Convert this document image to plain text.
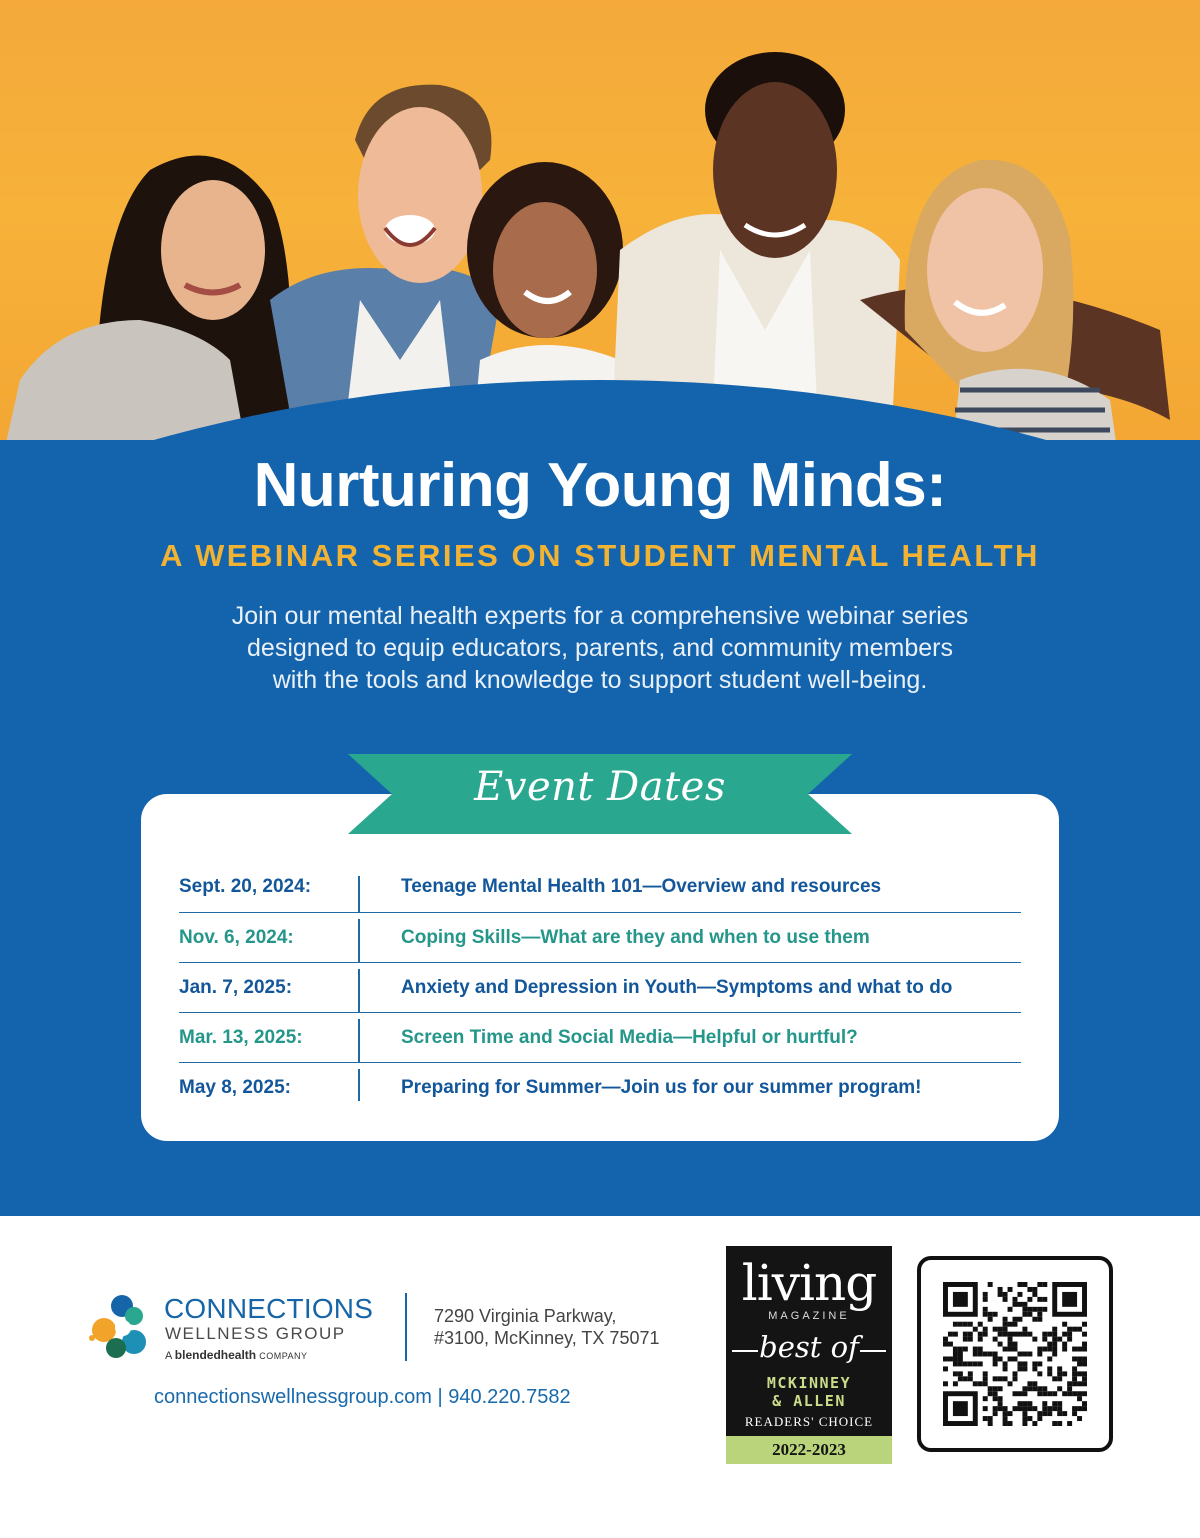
Nurturing Young Minds:
A WEBINAR SERIES ON STUDENT MENTAL HEALTH
Join our mental health experts for a comprehensive webinar series
designed to equip educators, parents, and community members
with the tools and knowledge to support student well-being.
Event Dates
Sept. 20, 2024:	Teenage Mental Health 101—Overview and resources
Nov. 6, 2024:	Coping Skills—What are they and when to use them
Jan. 7, 2025:	Anxiety and Depression in Youth—Symptoms and what to do
Mar. 13, 2025:	Screen Time and Social Media—Helpful or hurtful?
May 8, 2025:	Preparing for Summer—Join us for our summer program!
CONNECTIONS
WELLNESS GROUP
A blendedhealth COMPANY
7290 Virginia Parkway,
#3100, McKinney, TX 75071
connectionswellnessgroup.com | 940.220.7582
living
MAGAZINE
best of
MCKINNEY
& ALLEN
READERS' CHOICE
2022-2023
